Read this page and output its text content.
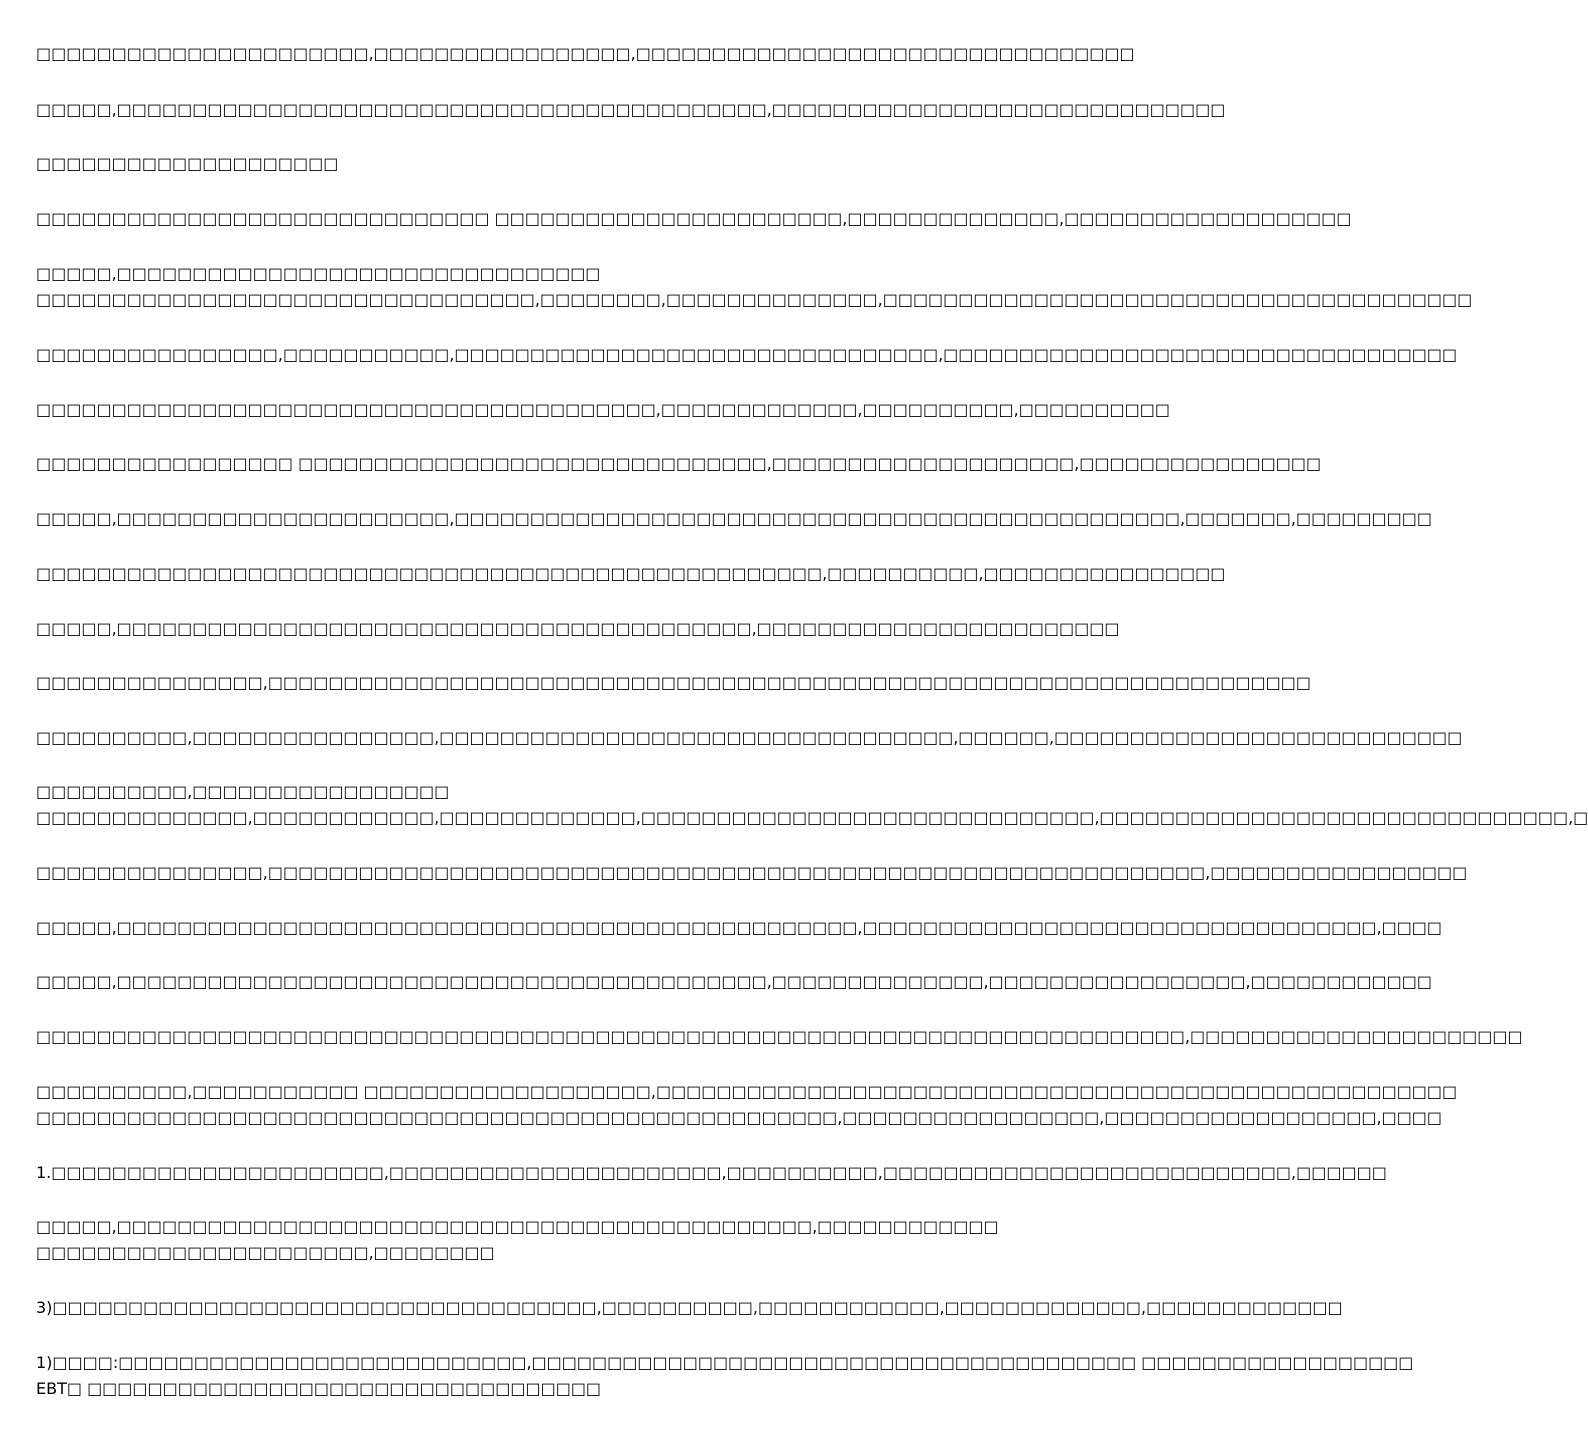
□□□□□□□□□□□□□□□□□□□□□□,□□□□□□□□□□□□□□□□□,□□□□□□□□□□□□□□□□□□□□□□□□□□□□□□□□□
□□□□□,□□□□□□□□□□□□□□□□□□□□□□□□□□□□□□□□□□□□□□□□□□□,□□□□□□□□□□□□□□□□□□□□□□□□□□□□□□
□□□□□□□□□□□□□□□□□□□□
□□□□□□□□□□□□□□□□□□□□□□□□□□□□□□ □□□□□□□□□□□□□□□□□□□□□□□,□□□□□□□□□□□□□□,□□□□□□□□□□□□□□□□□□□
□□□□□,□□□□□□□□□□□□□□□□□□□□□□□□□□□□□□□□
□□□□□□□□□□□□□□□□□□□□□□□□□□□□□□□□□,□□□□□□□□,□□□□□□□□□□□□□□,□□□□□□□□□□□□□□□□□□□□□□□□□□□□□□□□□□□□□□□
□□□□□□□□□□□□□□□□,□□□□□□□□□□□,□□□□□□□□□□□□□□□□□□□□□□□□□□□□□□□□,□□□□□□□□□□□□□□□□□□□□□□□□□□□□□□□□□□
□□□□□□□□□□□□□□□□□□□□□□□□□□□□□□□□□□□□□□□□□,□□□□□□□□□□□□□,□□□□□□□□□□,□□□□□□□□□□
□□□□□□□□□□□□□□□□□ □□□□□□□□□□□□□□□□□□□□□□□□□□□□□□□,□□□□□□□□□□□□□□□□□□□□,□□□□□□□□□□□□□□□□
□□□□□,□□□□□□□□□□□□□□□□□□□□□□,□□□□□□□□□□□□□□□□□□□□□□□□□□□□□□□□□□□□□□□□□□□□□□□□,□□□□□□□,□□□□□□□□□
□□□□□□□□□□□□□□□□□□□□□□□□□□□□□□□□□□□□□□□□□□□□□□□□□□□□,□□□□□□□□□□,□□□□□□□□□□□□□□□□
□□□□□,□□□□□□□□□□□□□□□□□□□□□□□□□□□□□□□□□□□□□□□□□□,□□□□□□□□□□□□□□□□□□□□□□□□
□□□□□□□□□□□□□□□,□□□□□□□□□□□□□□□□□□□□□□□□□□□□□□□□□□□□□□□□□□□□□□□□□□□□□□□□□□□□□□□□□□□□□
□□□□□□□□□□,□□□□□□□□□□□□□□□□,□□□□□□□□□□□□□□□□□□□□□□□□□□□□□□□□□□,□□□□□□,□□□□□□□□□□□□□□□□□□□□□□□□□□□
□□□□□□□□□□,□□□□□□□□□□□□□□□□□
□□□□□□□□□□□□□□,□□□□□□□□□□□□,□□□□□□□□□□□□□,□□□□□□□□□□□□□□□□□□□□□□□□□□□□□□,□□□□□□□□□□□□□□□□□□□□□□□□□□□□□□□,□
□□□□□□□□□□□□□□□,□□□□□□□□□□□□□□□□□□□□□□□□□□□□□□□□□□□□□□□□□□□□□□□□□□□□□□□□□□□□□□,□□□□□□□□□□□□□□□□□
□□□□□,□□□□□□□□□□□□□□□□□□□□□□□□□□□□□□□□□□□□□□□□□□□□□□□□□,□□□□□□□□□□□□□□□□□□□□□□□□□□□□□□□□□□,□□□□
□□□□□,□□□□□□□□□□□□□□□□□□□□□□□□□□□□□□□□□□□□□□□□□□□,□□□□□□□□□□□□□□,□□□□□□□□□□□□□□□□□,□□□□□□□□□□□□
□□□□□□□□□□□□□□□□□□□□□□□□□□□□□□□□□□□□□□□□□□□□□□□□□□□□□□□□□□□□□□□□□□□□□□□□□□□□,□□□□□□□□□□□□□□□□□□□□□□
□□□□□□□□□□,□□□□□□□□□□□ □□□□□□□□□□□□□□□□□□□,□□□□□□□□□□□□□□□□□□□□□□□□□□□□□□□□□□□□□□□□□□□□□□□□□□□□□
□□□□□□□□□□□□□□□□□□□□□□□□□□□□□□□□□□□□□□□□□□□□□□□□□□□□□,□□□□□□□□□□□□□□□□□,□□□□□□□□□□□□□□□□□□,□□□□
1.□□□□□□□□□□□□□□□□□□□□□□,□□□□□□□□□□□□□□□□□□□□□□,□□□□□□□□□□,□□□□□□□□□□□□□□□□□□□□□□□□□□□,□□□□□□
□□□□□,□□□□□□□□□□□□□□□□□□□□□□□□□□□□□□□□□□□□□□□□□□□□□□,□□□□□□□□□□□□
□□□□□□□□□□□□□□□□□□□□□□,□□□□□□□□
3)□□□□□□□□□□□□□□□□□□□□□□□□□□□□□□□□□□□□,□□□□□□□□□□,□□□□□□□□□□□□,□□□□□□□□□□□□□,□□□□□□□□□□□□□
1)□□□□:□□□□□□□□□□□□□□□□□□□□□□□□□□□,□□□□□□□□□□□□□□□□□□□□□□□□□□□□□□□□□□□□□□□□ □□□□□□□□□□□□□□□□□□
EBT□ □□□□□□□□□□□□□□□□□□□□□□□□□□□□□□□□□□
